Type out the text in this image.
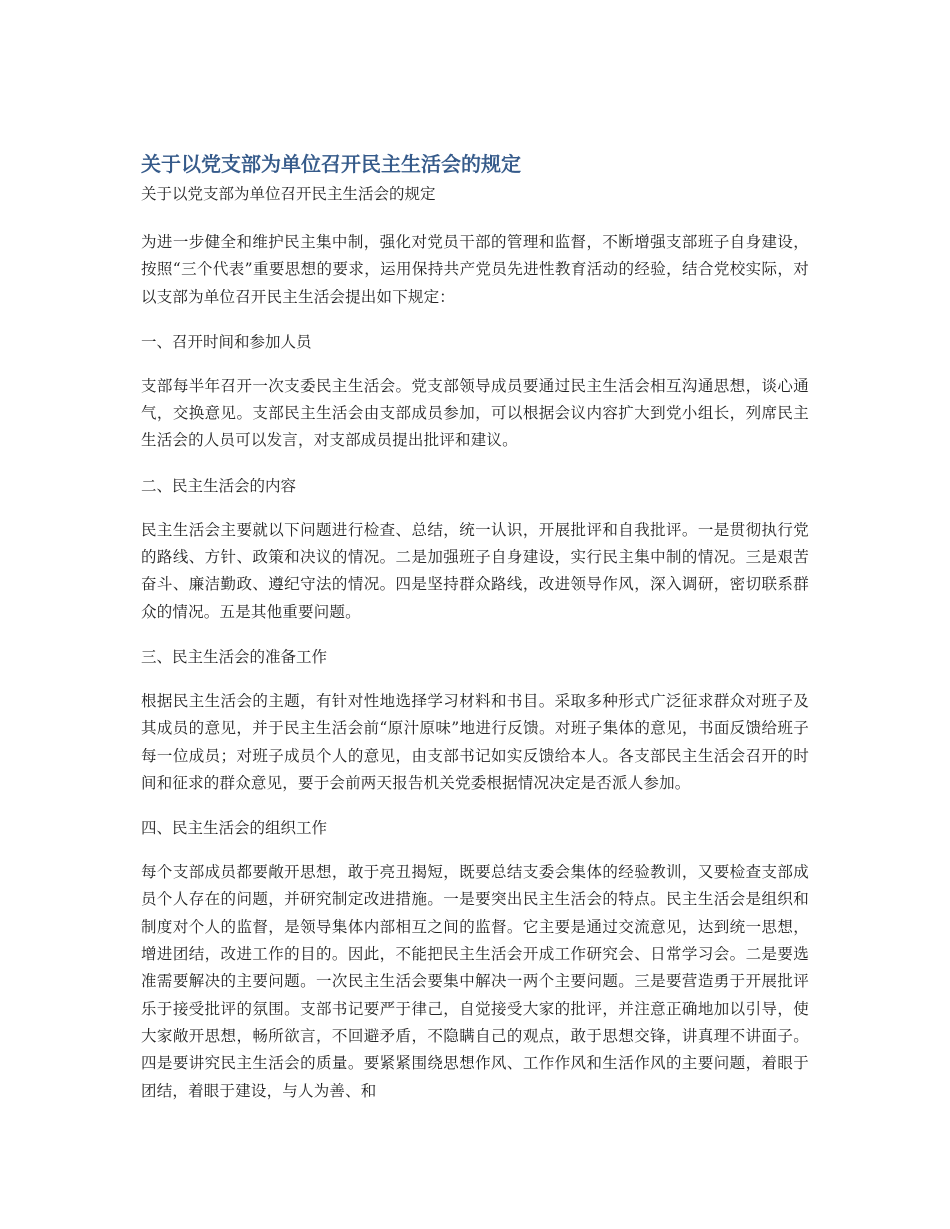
关于以党支部为单位召开民主生活会的规定
关于以党支部为单位召开民主生活会的规定

为进一步健全和维护民主集中制，强化对党员干部的管理和监督，不断增强支部班子自身建设，按照“三个代表”重要思想的要求，运用保持共产党员先进性教育活动的经验，结合党校实际，对以支部为单位召开民主生活会提出如下规定：

一、召开时间和参加人员

支部每半年召开一次支委民主生活会。党支部领导成员要通过民主生活会相互沟通思想，谈心通气，交换意见。支部民主生活会由支部成员参加，可以根据会议内容扩大到党小组长，列席民主生活会的人员可以发言，对支部成员提出批评和建议。

二、民主生活会的内容

民主生活会主要就以下问题进行检查、总结，统一认识，开展批评和自我批评。一是贯彻执行党的路线、方针、政策和决议的情况。二是加强班子自身建设，实行民主集中制的情况。三是艰苦奋斗、廉洁勤政、遵纪守法的情况。四是坚持群众路线，改进领导作风，深入调研，密切联系群众的情况。五是其他重要问题。

三、民主生活会的准备工作

根据民主生活会的主题，有针对性地选择学习材料和书目。采取多种形式广泛征求群众对班子及其成员的意见，并于民主生活会前“原汁原味”地进行反馈。对班子集体的意见，书面反馈给班子每一位成员；对班子成员个人的意见，由支部书记如实反馈给本人。各支部民主生活会召开的时间和征求的群众意见，要于会前两天报告机关党委根据情况决定是否派人参加。

四、民主生活会的组织工作

每个支部成员都要敞开思想，敢于亮丑揭短，既要总结支委会集体的经验教训，又要检查支部成员个人存在的问题，并研究制定改进措施。一是要突出民主生活会的特点。民主生活会是组织和制度对个人的监督，是领导集体内部相互之间的监督。它主要是通过交流意见，达到统一思想，增进团结，改进工作的目的。因此，不能把民主生活会开成工作研究会、日常学习会。二是要选准需要解决的主要问题。一次民主生活会要集中解决一两个主要问题。三是要营造勇于开展批评乐于接受批评的氛围。支部书记要严于律己，自觉接受大家的批评，并注意正确地加以引导，使大家敞开思想，畅所欲言，不回避矛盾，不隐瞒自己的观点，敢于思想交锋，讲真理不讲面子。四是要讲究民主生活会的质量。要紧紧围绕思想作风、工作作风和生活作风的主要问题，着眼于团结，着眼于建设，与人为善、和
